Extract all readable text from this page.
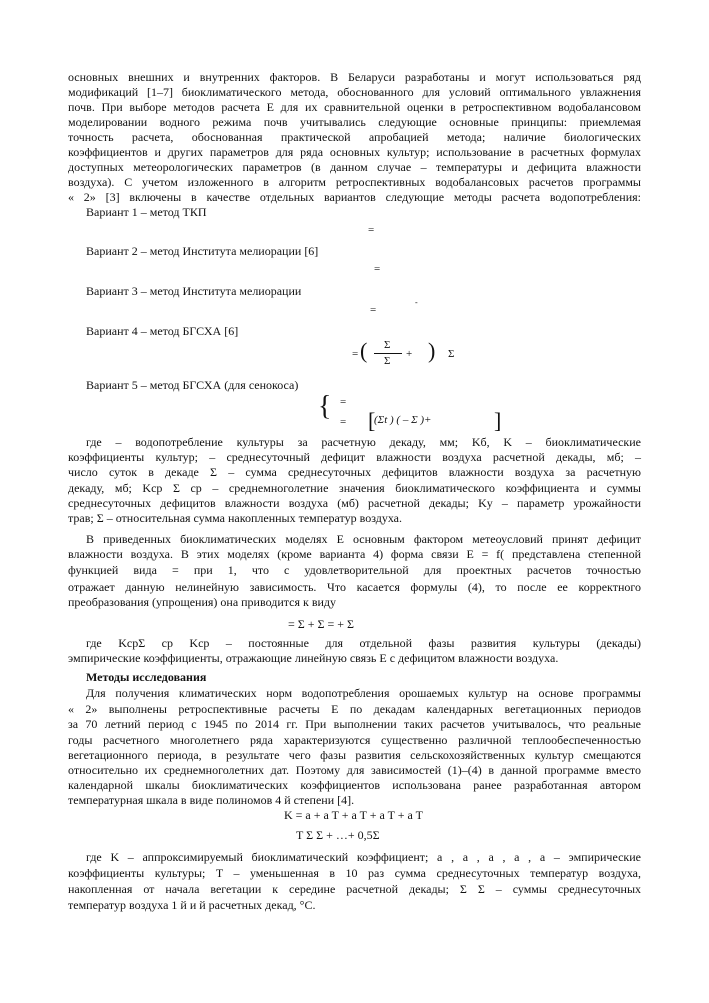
основных внешних и внутренних факторов. В Беларуси разработаны и могут использоваться ряд
модификаций [1–7] биоклиматического метода, обоснованного для условий оптимального увлажнения
почв. При выборе методов расчета E для их сравнительной оценки в ретроспективном водобалансовом
моделировании водного режима почв учитывались следующие основные принципы: приемлемая
точность расчета, обоснованная практической апробацией метода; наличие биологических
коэффициентов и других параметров для ряда основных культур; использование в расчетных формулах
доступных метеорологических параметров (в данном случае – температуры и дефицита влажности
воздуха). С учетом изложенного в алгоритм ретроспективных водобалансовых расчетов программы
« 2» [3] включены в качестве отдельных вариантов следующие методы расчета водопотребления:
Вариант 1 – метод ТКП
=
Вариант 2 – метод Института мелиорации [6]
=
Вариант 3 – метод Института мелиорации
=
-
Вариант 4 – метод БГСХА [6]
= ( Σ
Σ
+ ) Σ
Вариант 5 – метод БГСХА (для сенокоса)
{ =
= [
(Σt ) ( – Σ )+	]
где – водопотребление культуры за расчетную декаду, мм; Kб, K – биоклиматические
коэффициенты культур; – среднесуточный дефицит влажности воздуха расчетной декады, мб; –
число суток в декаде Σ – сумма среднесуточных дефицитов влажности воздуха за расчетную
декаду, мб; Kср Σ ср – среднемноголетние значения биоклиматического коэффициента и суммы
среднесуточных дефицитов влажности воздуха (мб) расчетной декады; Kу – параметр урожайности
трав; Σ – относительная сумма накопленных температур воздуха.
В приведенных биоклиматических моделях E основным фактором метеоусловий принят дефицит
влажности воздуха. В этих моделях (кроме варианта 4) форма связи E = f( представлена степенной
функцией вида = при 1, что с удовлетворительной для проектных расчетов точностью
отражает данную нелинейную зависимость. Что касается формулы (4), то после ее корректного
преобразования (упрощения) она приводится к виду
= Σ + Σ = + Σ
где KсрΣ ср Kср – постоянные для отдельной фазы развития культуры (декады)
эмпирические коэффициенты, отражающие линейную связь E с дефицитом влажности воздуха.
Методы исследования
Для получения климатических норм водопотребления орошаемых культур на основе программы
« 2» выполнены ретроспективные расчеты E по декадам календарных вегетационных периодов
за 70 летний период с 1945 по 2014 гг. При выполнении таких расчетов учитывалось, что реальные
годы расчетного многолетнего ряда характеризуются существенно различной теплообеспеченностью
вегетационного периода, в результате чего фазы развития сельскохозяйственных культур смещаются
относительно их среднемноголетних дат. Поэтому для зависимостей (1)–(4) в данной программе вместо
календарной шкалы биоклиматических коэффициентов использована ранее разработанная автором
температурная шкала в виде полиномов 4 й степени [4].
K = a + a T + a T + a T + a T
T Σ Σ + …+ 0,5Σ
где K – аппроксимируемый биоклиматический коэффициент; a , a , a , a , a – эмпирические
коэффициенты культуры; T – уменьшенная в 10 раз сумма среднесуточных температур воздуха,
накопленная от начала вегетации к середине расчетной декады; Σ Σ – суммы среднесуточных
температур воздуха 1 й и й расчетных декад, °C.
